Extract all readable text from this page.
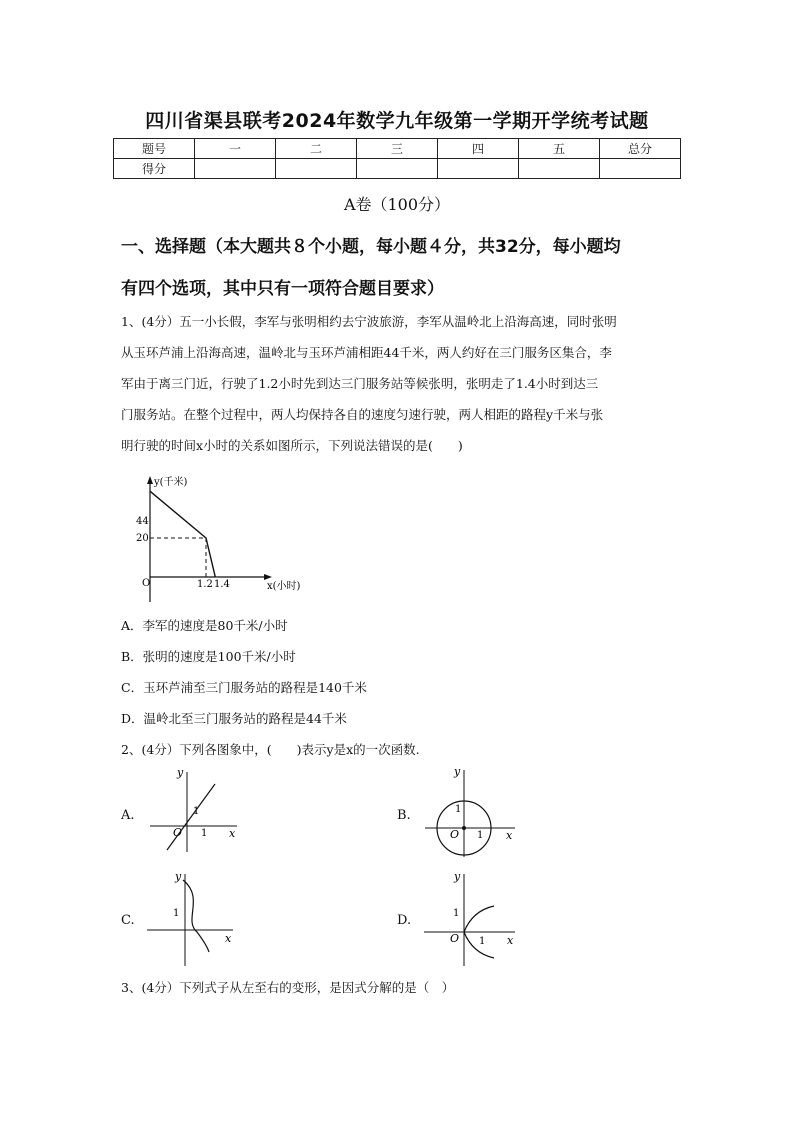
四川省渠县联考2024年数学九年级第一学期开学统考试题
题号	一	二	三	四	五	总分
得分						
A卷（100分）
一、选择题（本大题共８个小题，每小题４分，共32分，每小题均
有四个选项，其中只有一项符合题目要求）
1、(4分）五一小长假，李军与张明相约去宁波旅游，李军从温岭北上沿海高速，同时张明
从玉环芦浦上沿海高速，温岭北与玉环芦浦相距44千米，两人约好在三门服务区集合，李
军由于离三门近，行驶了1.2小时先到达三门服务站等候张明，张明走了1.4小时到达三
门服务站。在整个过程中，两人均保持各自的速度匀速行驶，两人相距的路程y千米与张
明行驶的时间x小时的关系如图所示，下列说法错误的是(　　)
y(千米)
x(小时)
O
44
20
1.2 1.4
A．李军的速度是80千米/小时
B．张明的速度是100千米/小时
C．玉环芦浦至三门服务站的路程是140千米
D．温岭北至三门服务站的路程是44千米
2、(4分）下列各图象中，(　　)表示y是x的一次函数.
A.
x
y
O
1
1
B.
x
y
O
1
1
C.
x
y
1	D.
x
y
O
1
1
3、(4分）下列式子从左至右的变形，是因式分解的是（　）
